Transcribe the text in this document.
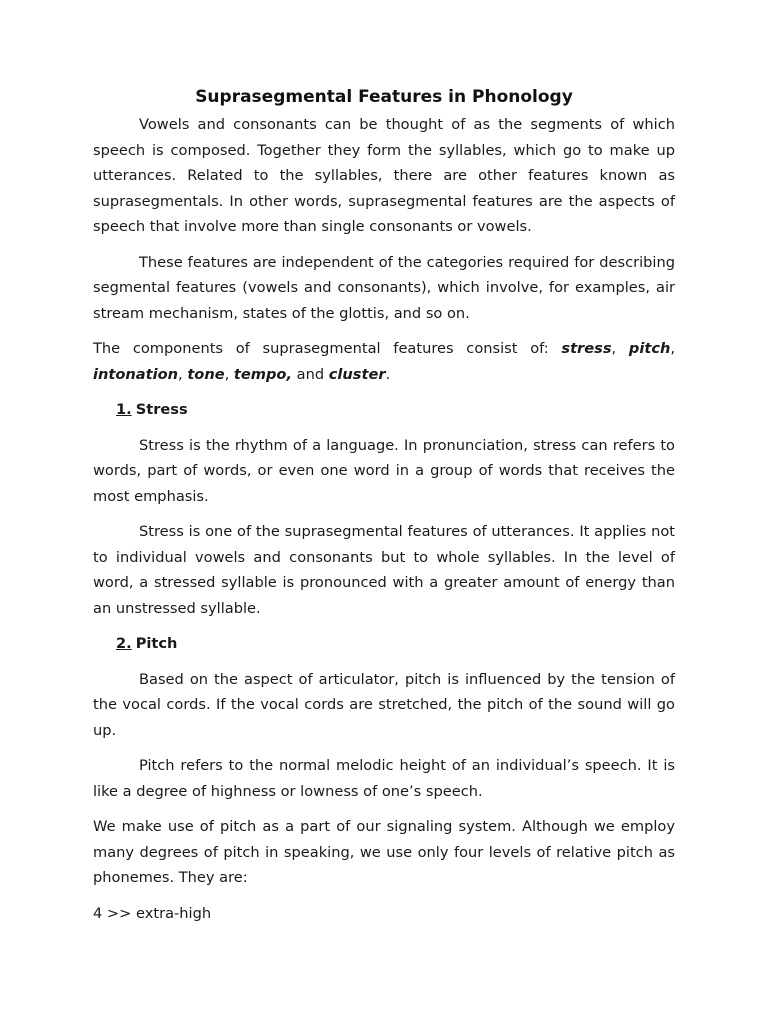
Suprasegmental Features in Phonology

Vowels and consonants can be thought of as the segments of which speech is composed. Together they form the syllables, which go to make up utterances. Related to the syllables, there are other features known as suprasegmentals. In other words, suprasegmental features are the aspects of speech that involve more than single consonants or vowels.

These features are independent of the categories required for describing segmental features (vowels and consonants), which involve, for examples, air stream mechanism, states of the glottis, and so on.

The components of suprasegmental features consist of: stress, pitch, intonation, tone, tempo, and cluster.

1. Stress

Stress is the rhythm of a language. In pronunciation, stress can refers to words, part of words, or even one word in a group of words that receives the most emphasis.

Stress is one of the suprasegmental features of utterances. It applies not to individual vowels and consonants but to whole syllables. In the level of word, a stressed syllable is pronounced with a greater amount of energy than an unstressed syllable.

2. Pitch

Based on the aspect of articulator, pitch is influenced by the tension of the vocal cords. If the vocal cords are stretched, the pitch of the sound will go up.

Pitch refers to the normal melodic height of an individual’s speech. It is like a degree of highness or lowness of one’s speech.

We make use of pitch as a part of our signaling system. Although we employ many degrees of pitch in speaking, we use only four levels of relative pitch as phonemes. They are:

4 >> extra-high
